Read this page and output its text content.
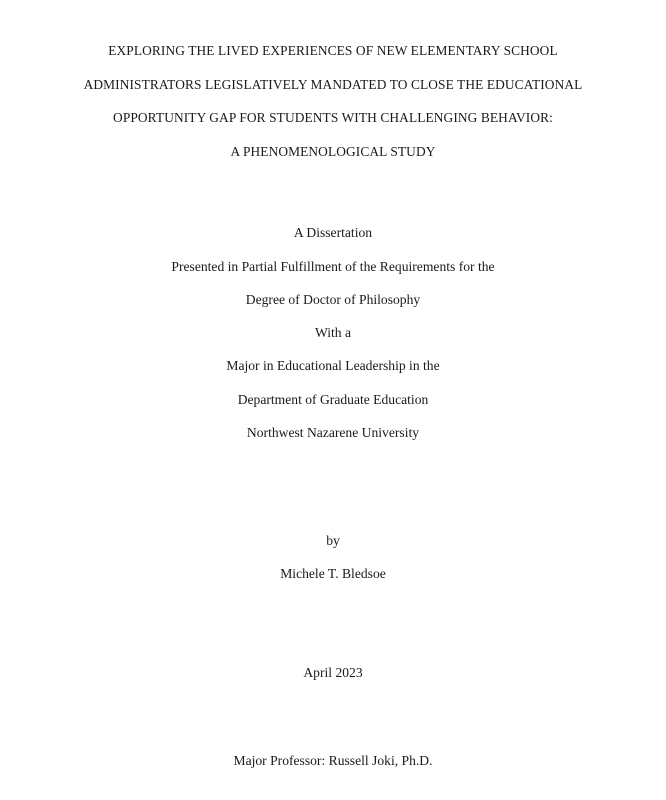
EXPLORING THE LIVED EXPERIENCES OF NEW ELEMENTARY SCHOOL
ADMINISTRATORS LEGISLATIVELY MANDATED TO CLOSE THE EDUCATIONAL
OPPORTUNITY GAP FOR STUDENTS WITH CHALLENGING BEHAVIOR:
A PHENOMENOLOGICAL STUDY
A Dissertation
Presented in Partial Fulfillment of the Requirements for the
Degree of Doctor of Philosophy
With a
Major in Educational Leadership in the
Department of Graduate Education
Northwest Nazarene University
by
Michele T. Bledsoe
April 2023
Major Professor: Russell Joki, Ph.D.
